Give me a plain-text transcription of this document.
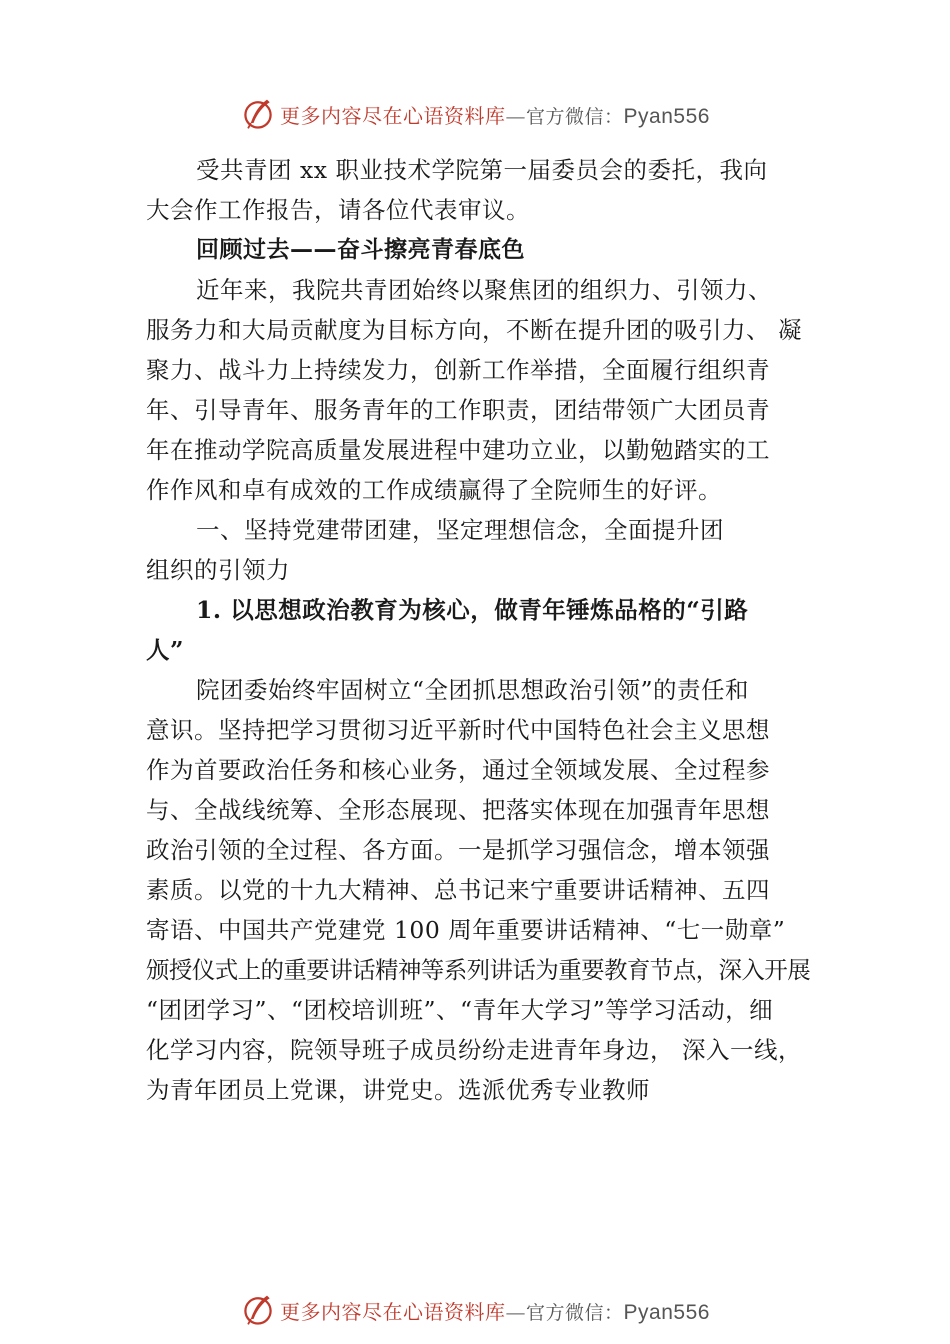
更多内容尽在心语资料库—官方微信：Pyan556
受共青团 xx 职业技术学院第一届委员会的委托，我向
大会作工作报告，请各位代表审议。
回顾过去——奋斗擦亮青春底色
近年来，我院共青团始终以聚焦团的组织力、引领力、
服务力和大局贡献度为目标方向，不断在提升团的吸引力、 凝
聚力、战斗力上持续发力，创新工作举措，全面履行组织青
年、引导青年、服务青年的工作职责，团结带领广大团员青
年在推动学院高质量发展进程中建功立业，以勤勉踏实的工
作作风和卓有成效的工作成绩赢得了全院师生的好评。
一、坚持党建带团建，坚定理想信念，全面提升团
组织的引领力
1. 以思想政治教育为核心，做青年锤炼品格的“引路
人”
院团委始终牢固树立“全团抓思想政治引领”的责任和
意识。坚持把学习贯彻习近平新时代中国特色社会主义思想
作为首要政治任务和核心业务，通过全领域发展、全过程参
与、全战线统筹、全形态展现、把落实体现在加强青年思想
政治引领的全过程、各方面。一是抓学习强信念，增本领强
素质。以党的十九大精神、总书记来宁重要讲话精神、五四
寄语、中国共产党建党 100 周年重要讲话精神、“七一勋章”
颁授仪式上的重要讲话精神等系列讲话为重要教育节点，深入开展
“团团学习”、“团校培训班”、“青年大学习”等学习活动，细
化学习内容，院领导班子成员纷纷走进青年身边， 深入一线，
为青年团员上党课，讲党史。选派优秀专业教师
更多内容尽在心语资料库—官方微信：Pyan556
